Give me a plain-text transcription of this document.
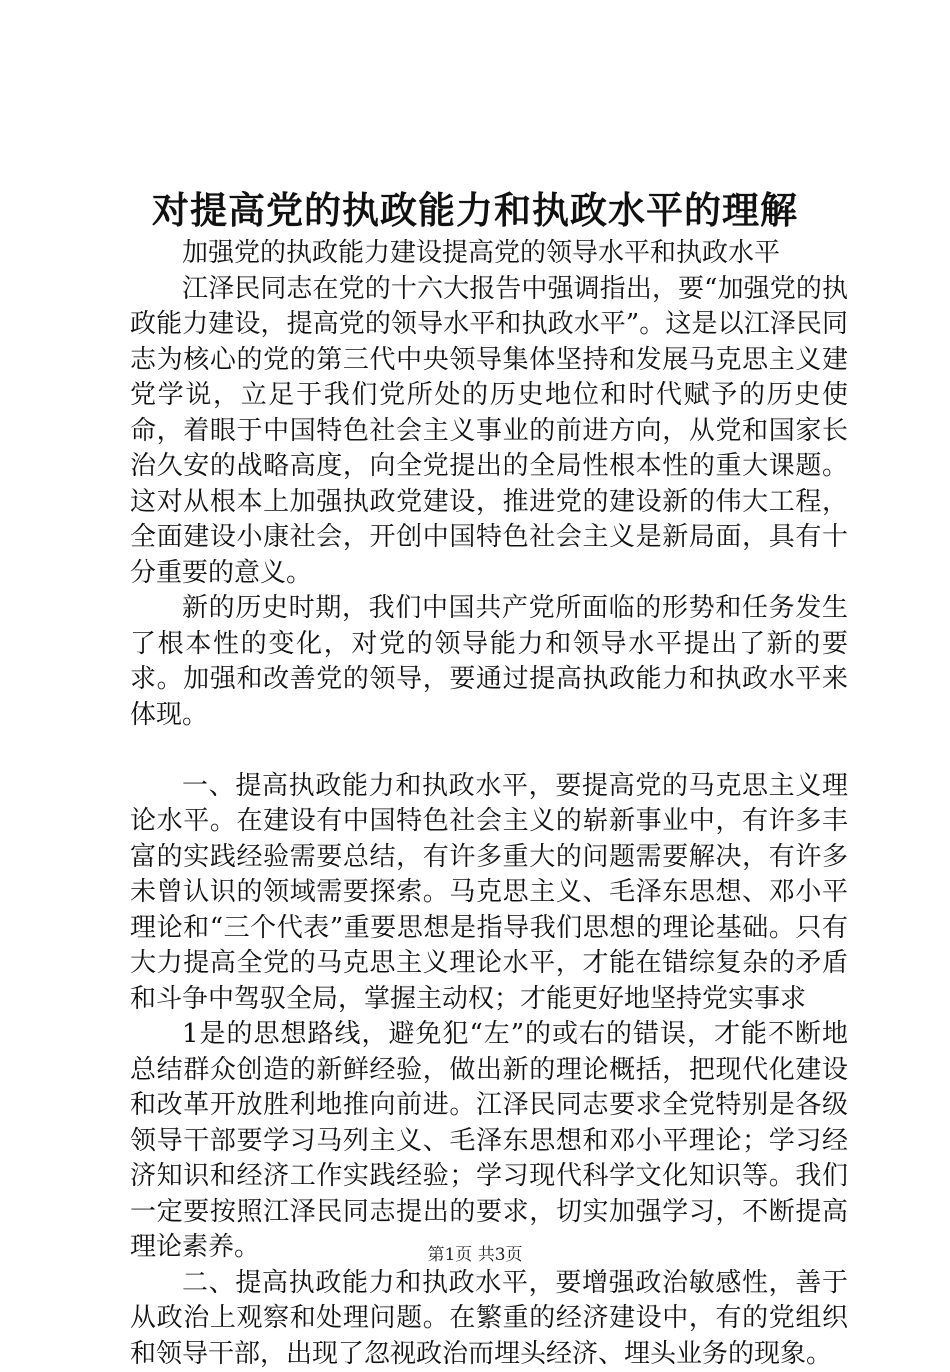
对提高党的执政能力和执政水平的理解

加强党的执政能力建设提高党的领导水平和执政水平

江泽民同志在党的十六大报告中强调指出，要“加强党的执政能力建设，提高党的领导水平和执政水平”。这是以江泽民同志为核心的党的第三代中央领导集体坚持和发展马克思主义建党学说，立足于我们党所处的历史地位和时代赋予的历史使命，着眼于中国特色社会主义事业的前进方向，从党和国家长治久安的战略高度，向全党提出的全局性根本性的重大课题。这对从根本上加强执政党建设，推进党的建设新的伟大工程，全面建设小康社会，开创中国特色社会主义是新局面，具有十分重要的意义。

新的历史时期，我们中国共产党所面临的形势和任务发生了根本性的变化，对党的领导能力和领导水平提出了新的要求。加强和改善党的领导，要通过提高执政能力和执政水平来体现。

一、提高执政能力和执政水平，要提高党的马克思主义理论水平。在建设有中国特色社会主义的崭新事业中，有许多丰富的实践经验需要总结，有许多重大的问题需要解决，有许多未曾认识的领域需要探索。马克思主义、毛泽东思想、邓小平理论和“三个代表”重要思想是指导我们思想的理论基础。只有大力提高全党的马克思主义理论水平，才能在错综复杂的矛盾和斗争中驾驭全局，掌握主动权；才能更好地坚持党实事求

1是的思想路线，避免犯“左”的或右的错误，才能不断地总结群众创造的新鲜经验，做出新的理论概括，把现代化建设和改革开放胜利地推向前进。江泽民同志要求全党特别是各级领导干部要学习马列主义、毛泽东思想和邓小平理论；学习经济知识和经济工作实践经验；学习现代科学文化知识等。我们一定要按照江泽民同志提出的要求，切实加强学习，不断提高理论素养。

二、提高执政能力和执政水平，要增强政治敏感性，善于从政治上观察和处理问题。在繁重的经济建设中，有的党组织和领导干部，出现了忽视政治而埋头经济、埋头业务的现象。

第1页 共3页
